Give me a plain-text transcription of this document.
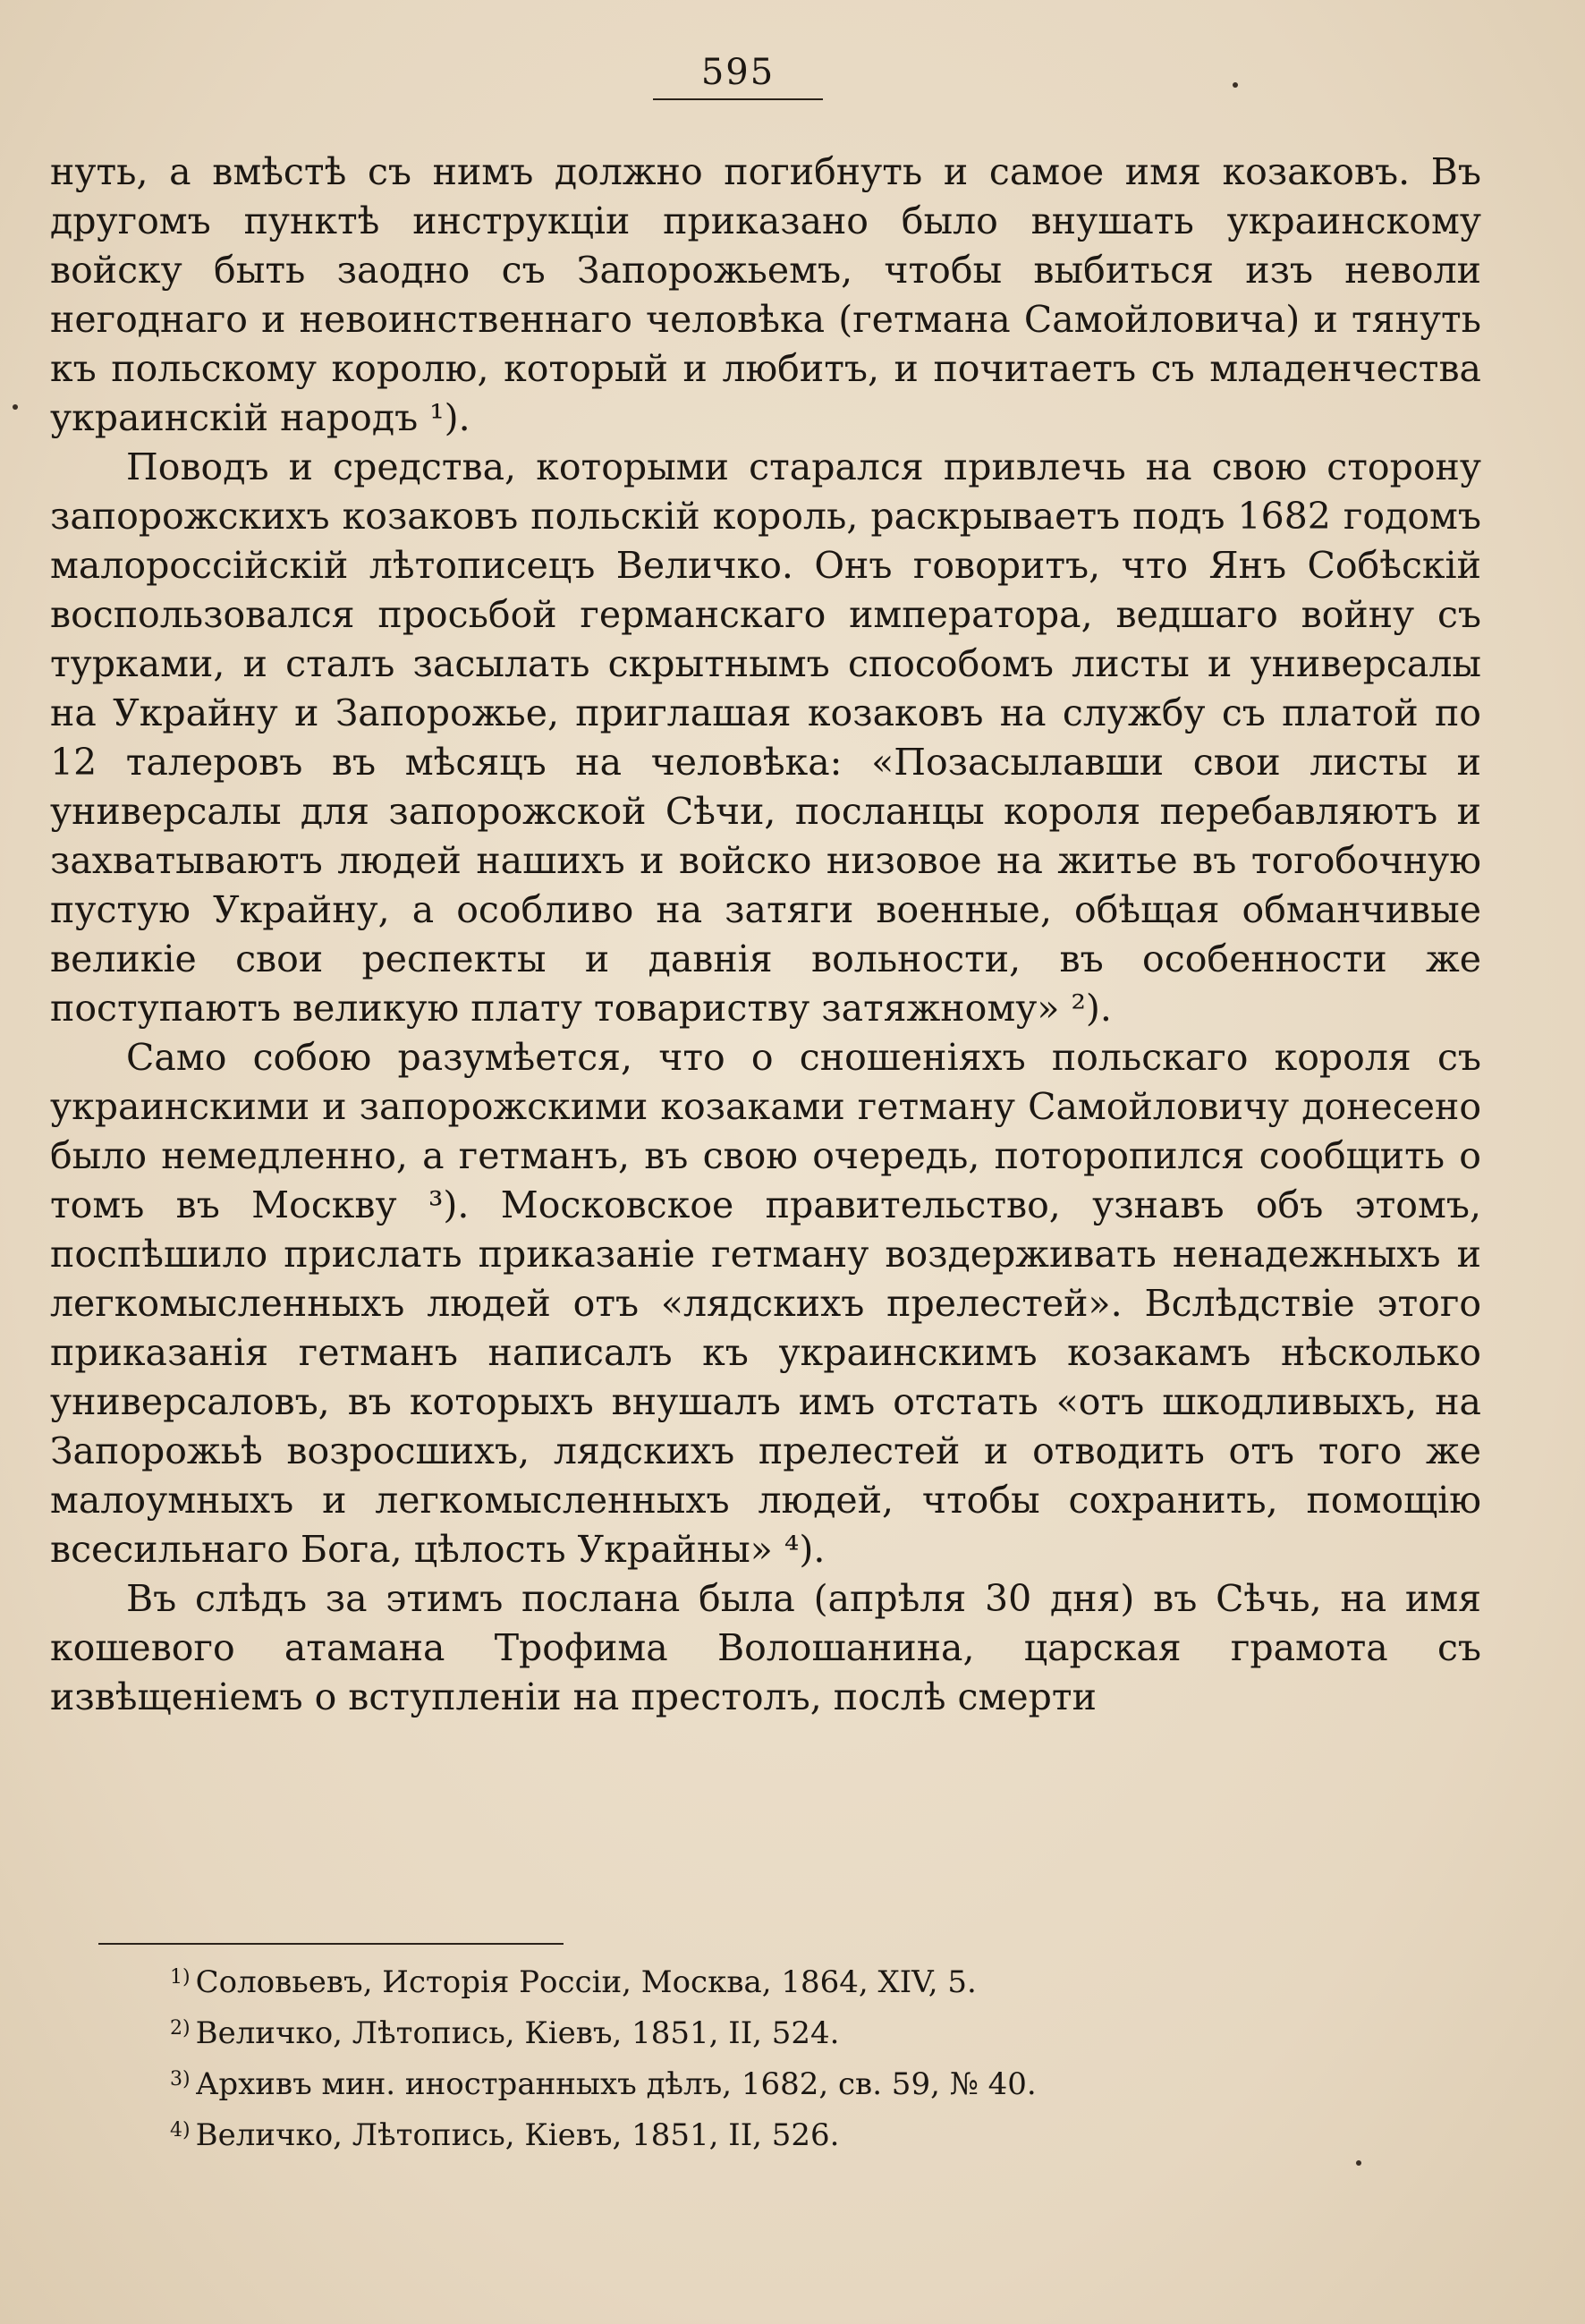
595

нуть, а вмѣстѣ съ нимъ должно погибнуть и самое имя козаковъ. Въ другомъ пунктѣ инструкціи приказано было внушать украинскому войску быть заодно съ Запорожьемъ, чтобы выбиться изъ неволи негоднаго и невоинственнаго человѣка (гетмана Самойловича) и тянуть къ польскому королю, который и любитъ, и почитаетъ съ младенчества украинскій народъ ¹).

Поводъ и средства, которыми старался привлечь на свою сторону запорожскихъ козаковъ польскій король, раскрываетъ подъ 1682 годомъ малороссійскій лѣтописецъ Величко. Онъ говоритъ, что Янъ Собѣскій воспользовался просьбой германскаго императора, ведшаго войну съ турками, и сталъ засылать скрытнымъ способомъ листы и универсалы на Украйну и Запорожье, приглашая козаковъ на службу съ платой по 12 талеровъ въ мѣсяцъ на человѣка: «Позасылавши свои листы и универсалы для запорожской Сѣчи, посланцы короля перебавляютъ и захватываютъ людей нашихъ и войско низовое на житье въ тогобочную пустую Украйну, а особливо на затяги военные, обѣщая обманчивые великіе свои респекты и давнія вольности, въ особенности же поступаютъ великую плату товариству затяжному» ²).

Само собою разумѣется, что о сношеніяхъ польскаго короля съ украинскими и запорожскими козаками гетману Самойловичу донесено было немедленно, а гетманъ, въ свою очередь, поторопился сообщить о томъ въ Москву ³). Московское правительство, узнавъ объ этомъ, поспѣшило прислать приказаніе гетману воздерживать ненадежныхъ и легкомысленныхъ людей отъ «лядскихъ прелестей». Вслѣдствіе этого приказанія гетманъ написалъ къ украинскимъ козакамъ нѣсколько универсаловъ, въ которыхъ внушалъ имъ отстать «отъ шкодливыхъ, на Запорожьѣ возросшихъ, лядскихъ прелестей и отводить отъ того же малоумныхъ и легкомысленныхъ людей, чтобы сохранить, помощію всесильнаго Бога, цѣлость Украйны» ⁴).

Въ слѣдъ за этимъ послана была (апрѣля 30 дня) въ Сѣчь, на имя кошевого атамана Трофима Волошанина, царская грамота съ извѣщеніемъ о вступленіи на престолъ, послѣ смерти

$^{1)}$ Соловьевъ, Исторія Россіи, Москва, 1864, XIV, 5.
$^{2)}$ Величко, Лѣтопись, Кіевъ, 1851, II, 524.
$^{3)}$ Архивъ мин. иностранныхъ дѣлъ, 1682, св. 59, № 40.
$^{4)}$ Величко, Лѣтопись, Кіевъ, 1851, II, 526.
